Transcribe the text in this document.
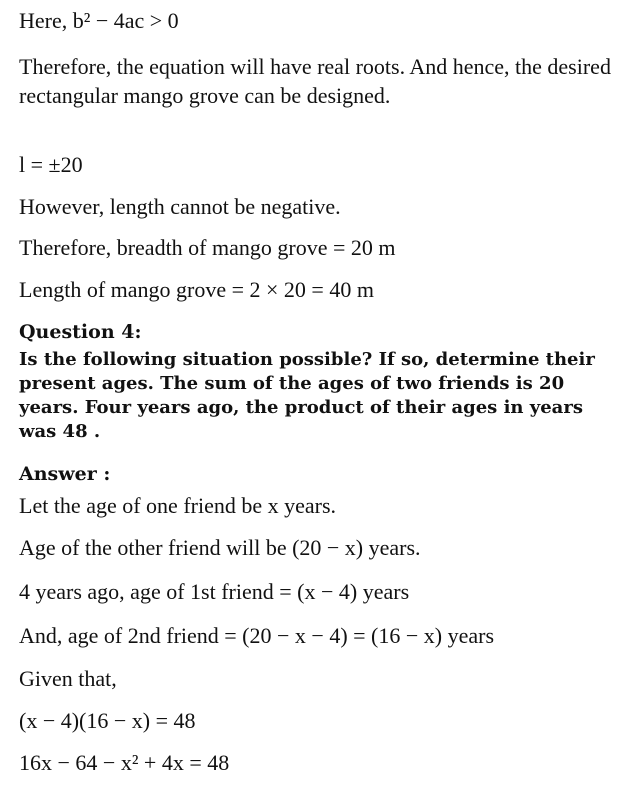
Here, b² − 4ac > 0
Therefore, the equation will have real roots. And hence, the desired rectangular mango grove can be designed.
l = ±20
However, length cannot be negative.
Therefore, breadth of mango grove = 20 m
Length of mango grove = 2 × 20 = 40 m
Question 4:
Is the following situation possible? If so, determine their present ages. The sum of the ages of two friends is 20 years. Four years ago, the product of their ages in years was 48 .
Answer :
Let the age of one friend be x years.
Age of the other friend will be (20 − x) years.
4 years ago, age of 1st friend = (x − 4) years
And, age of 2nd friend = (20 − x − 4) = (16 − x) years
Given that,
(x − 4)(16 − x) = 48
16x − 64 − x² + 4x = 48
